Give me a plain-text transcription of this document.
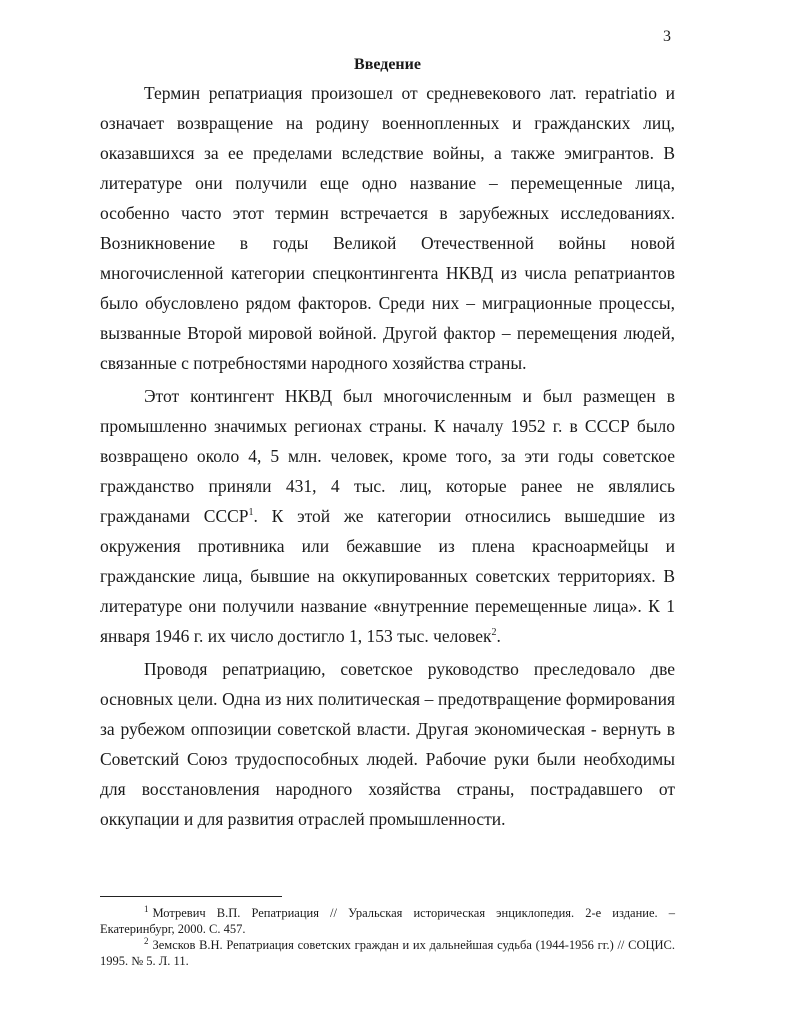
3
Введение

Термин репатриация произошел от средневекового лат. repatriatio и означает возвращение на родину военнопленных и гражданских лиц, оказавшихся за ее пределами вследствие войны, а также эмигрантов. В литературе они получили еще одно название – перемещенные лица, особенно часто этот термин встречается в зарубежных исследованиях. Возникновение в годы Великой Отечественной войны новой многочисленной категории спецконтингента НКВД из числа репатриантов было обусловлено рядом факторов. Среди них – миграционные процессы, вызванные Второй мировой войной. Другой фактор – перемещения людей, связанные с потребностями народного хозяйства страны.

Этот контингент НКВД был многочисленным и был размещен в промышленно значимых регионах страны. К началу 1952 г. в СССР было возвращено около 4, 5 млн. человек, кроме того, за эти годы советское гражданство приняли 431, 4 тыс. лиц, которые ранее не являлись гражданами СССР$^1$. К этой же категории относились вышедшие из окружения противника или бежавшие из плена красноармейцы и гражданские лица, бывшие на оккупированных советских территориях. В литературе они получили название «внутренние перемещенные лица». К 1 января 1946 г. их число достигло 1, 153 тыс. человек$^2$.

Проводя репатриацию, советское руководство преследовало две основных цели. Одна из них политическая – предотвращение формирования за рубежом оппозиции советской власти. Другая экономическая - вернуть в Советский Союз трудоспособных людей. Рабочие руки были необходимы для восстановления народного хозяйства страны, пострадавшего от оккупации и для развития отраслей промышленности.

$^1$ Мотревич В.П. Репатриация // Уральская историческая энциклопедия. 2-е издание. – Екатеринбург, 2000. С. 457.

$^2$ Земсков В.Н. Репатриация советских граждан и их дальнейшая судьба (1944-1956 гг.) // СОЦИС. 1995. № 5. Л. 11.
